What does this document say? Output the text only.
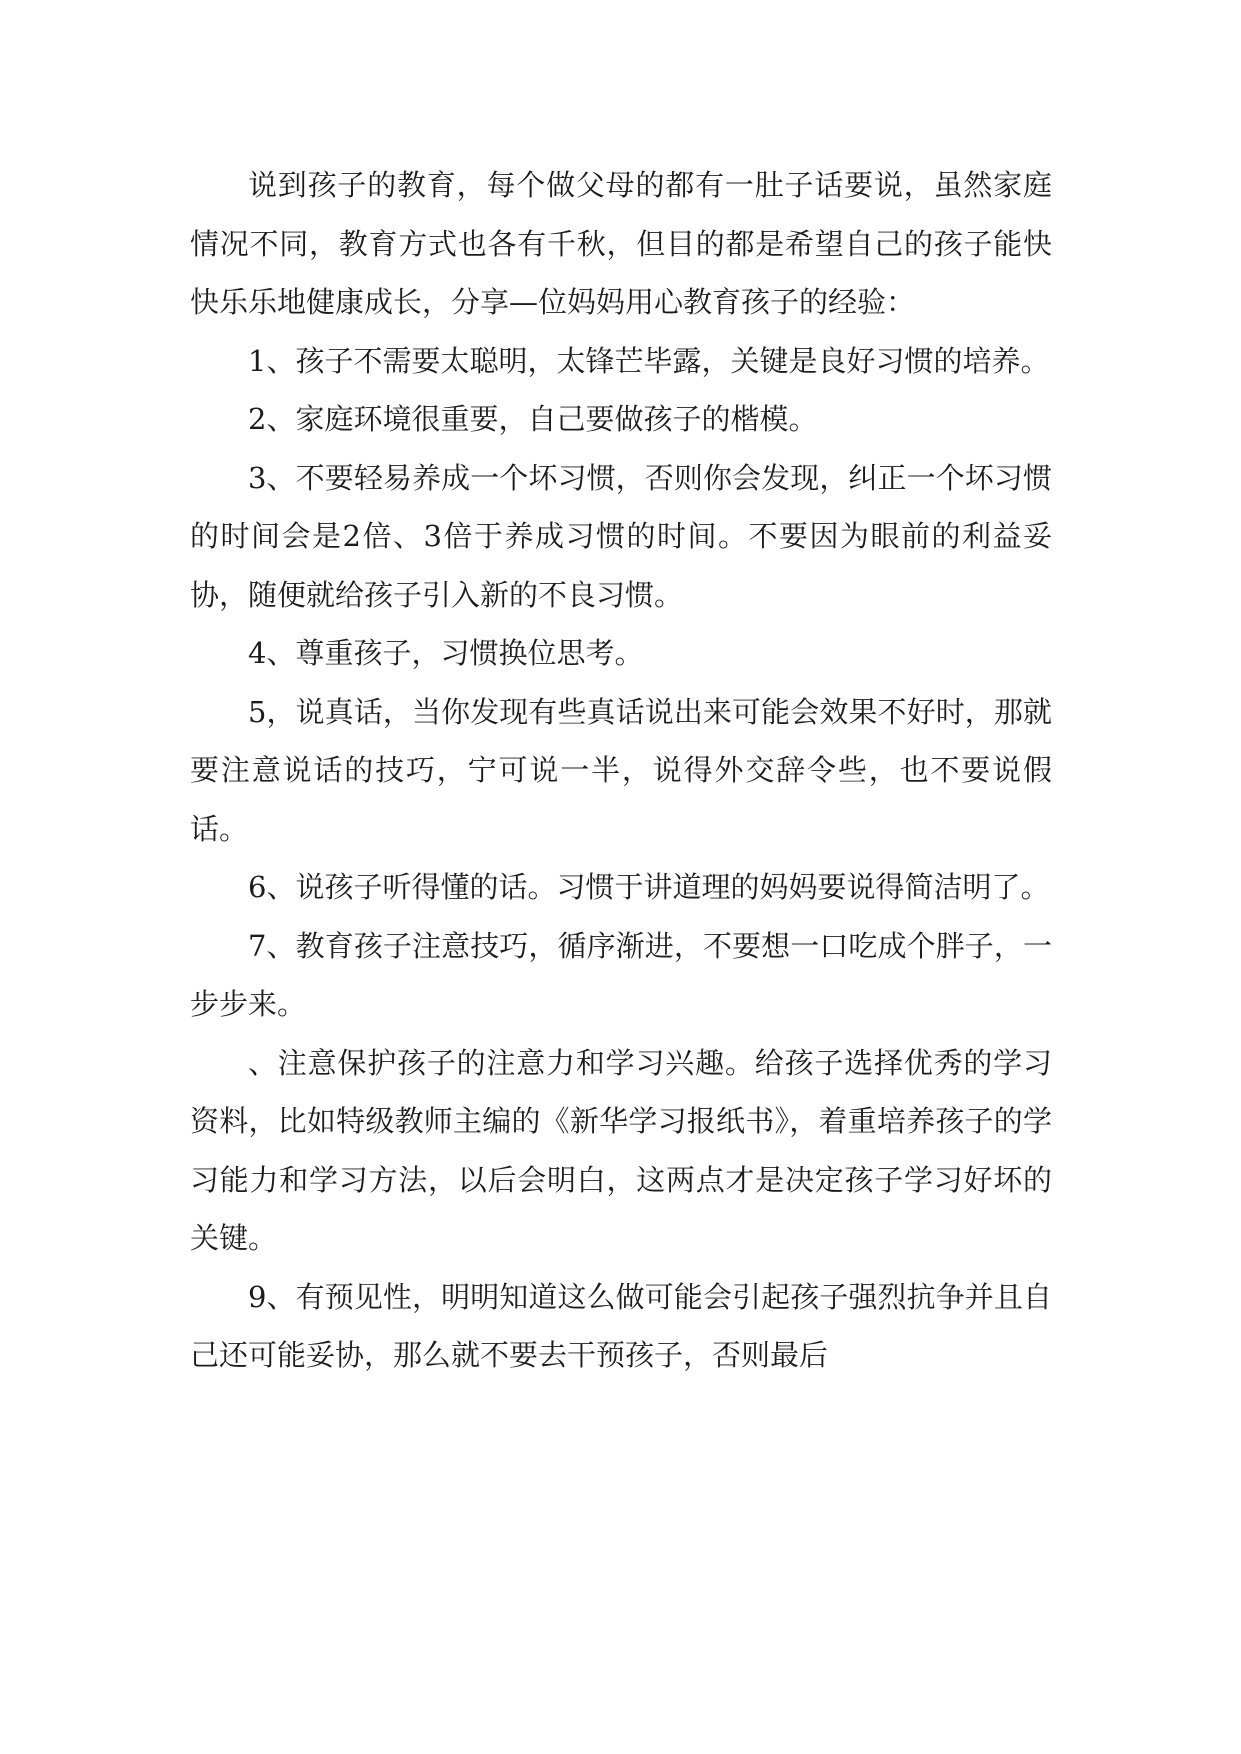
说到孩子的教育，每个做父母的都有一肚子话要说，虽然家庭情况不同，教育方式也各有千秋，但目的都是希望自己的孩子能快快乐乐地健康成长，分享—位妈妈用心教育孩子的经验：

1、孩子不需要太聪明，太锋芒毕露，关键是良好习惯的培养。

2、家庭环境很重要，自己要做孩子的楷模。

3、不要轻易养成一个坏习惯，否则你会发现，纠正一个坏习惯的时间会是2倍、3倍于养成习惯的时间。不要因为眼前的利益妥协，随便就给孩子引入新的不良习惯。

4、尊重孩子，习惯换位思考。

5，说真话，当你发现有些真话说出来可能会效果不好时，那就要注意说话的技巧，宁可说一半，说得外交辞令些，也不要说假话。

6、说孩子听得懂的话。习惯于讲道理的妈妈要说得简洁明了。

7、教育孩子注意技巧，循序渐进，不要想一口吃成个胖子，一步步来。

、注意保护孩子的注意力和学习兴趣。给孩子选择优秀的学习资料，比如特级教师主编的《新华学习报纸书》，着重培养孩子的学习能力和学习方法，以后会明白，这两点才是决定孩子学习好坏的关键。

9、有预见性，明明知道这么做可能会引起孩子强烈抗争并且自己还可能妥协，那么就不要去干预孩子，否则最后
